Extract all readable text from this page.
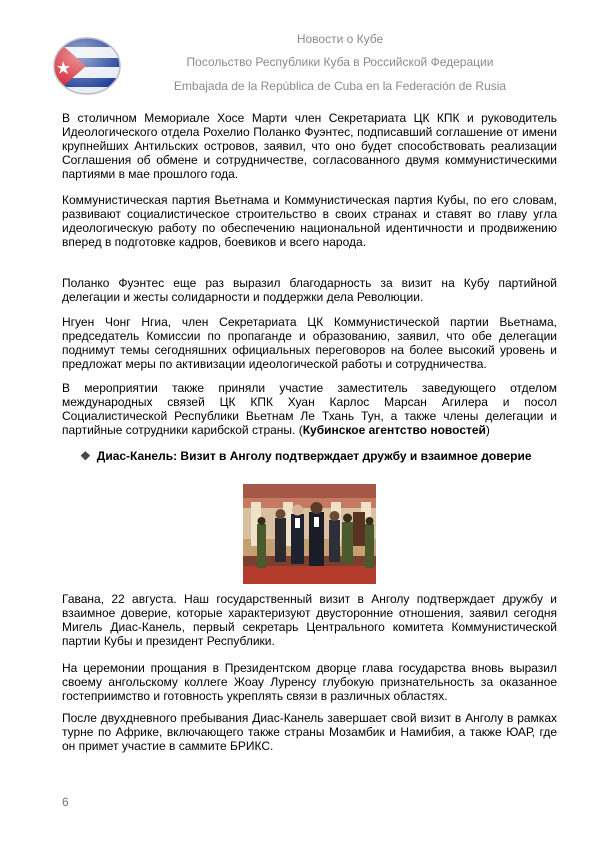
Новости о Кубе
Посольство Республики Куба в Российской Федерации
Embajada de la República de Cuba en la Federación de Rusia

В столичном Мемориале Хосе Марти член Секретариата ЦК КПК и руководитель Идеологического отдела Рохелио Поланко Фуэнтес, подписавший соглашение от имени крупнейших Антильских островов, заявил, что оно будет способствовать реализации Соглашения об обмене и сотрудничестве, согласованного двумя коммунистическими партиями в мае прошлого года.

Коммунистическая партия Вьетнама и Коммунистическая партия Кубы, по его словам, развивают социалистическое строительство в своих странах и ставят во главу угла идеологическую работу по обеспечению национальной идентичности и продвижению вперед в подготовке кадров, боевиков и всего народа.

Поланко Фуэнтес еще раз выразил благодарность за визит на Кубу партийной делегации и жесты солидарности и поддержки дела Революции.

Нгуен Чонг Нгиа, член Секретариата ЦК Коммунистической партии Вьетнама, председатель Комиссии по пропаганде и образованию, заявил, что обе делегации поднимут темы сегодняшних официальных переговоров на более высокий уровень и предложат меры по активизации идеологической работы и сотрудничества.

В мероприятии также приняли участие заместитель заведующего отделом международных связей ЦК КПК Хуан Карлос Марсан Агилера и посол Социалистической Республики Вьетнам Ле Тхань Тун, а также члены делегации и партийные сотрудники карибской страны. (Кубинское агентство новостей)

❖ Диас-Канель: Визит в Анголу подтверждает дружбу и взаимное доверие

Гавана, 22 августа. Наш государственный визит в Анголу подтверждает дружбу и взаимное доверие, которые характеризуют двусторонние отношения, заявил сегодня Мигель Диас-Канель, первый секретарь Центрального комитета Коммунистической партии Кубы и президент Республики.

На церемонии прощания в Президентском дворце глава государства вновь выразил своему ангольскому коллеге Жоау Луренсу глубокую признательность за оказанное гостеприимство и готовность укреплять связи в различных областях.

После двухдневного пребывания Диас-Канель завершает свой визит в Анголу в рамках турне по Африке, включающего также страны Мозамбик и Намибия, а также ЮАР, где он примет участие в саммите БРИКС.

6
